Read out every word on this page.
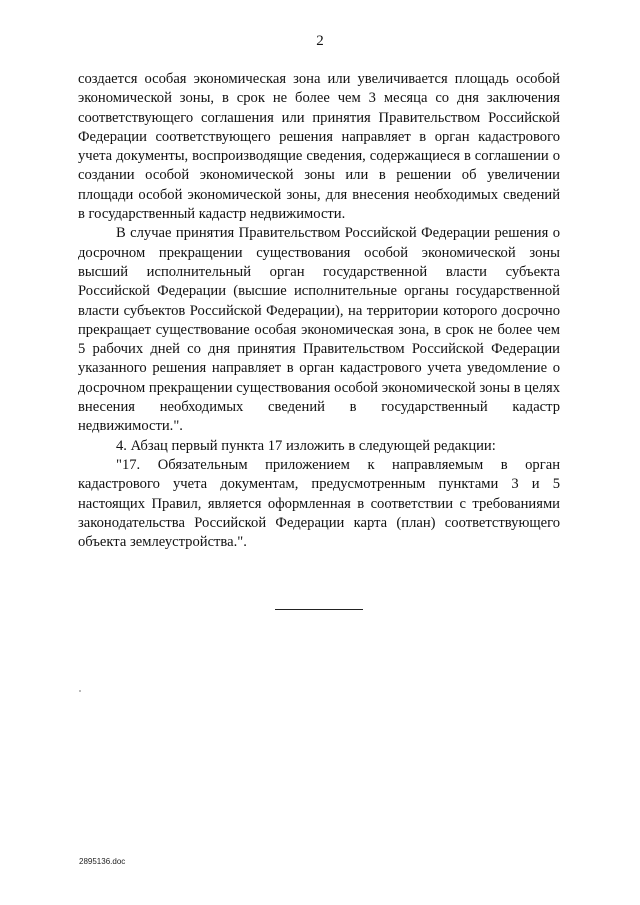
2

создается особая экономическая зона или увеличивается площадь особой экономической зоны, в срок не более чем 3 месяца со дня заключения соответствующего соглашения или принятия Правительством Российской Федерации соответствующего решения направляет в орган кадастрового учета документы, воспроизводящие сведения, содержащиеся в соглашении о создании особой экономической зоны или в решении об увеличении площади особой экономической зоны, для внесения необходимых сведений в государственный кадастр недвижимости.

В случае принятия Правительством Российской Федерации решения о досрочном прекращении существования особой экономической зоны высший исполнительный орган государственной власти субъекта Российской Федерации (высшие исполнительные органы государственной власти субъектов Российской Федерации), на территории которого досрочно прекращает существование особая экономическая зона, в срок не более чем 5 рабочих дней со дня принятия Правительством Российской Федерации указанного решения направляет в орган кадастрового учета уведомление о досрочном прекращении существования особой экономической зоны в целях внесения необходимых сведений в государственный кадастр недвижимости.".

4. Абзац первый пункта 17 изложить в следующей редакции:

"17. Обязательным приложением к направляемым в орган кадастрового учета документам, предусмотренным пунктами 3 и 5 настоящих Правил, является оформленная в соответствии с требованиями законодательства Российской Федерации карта (план) соответствующего объекта землеустройства.".

2895136.doc
